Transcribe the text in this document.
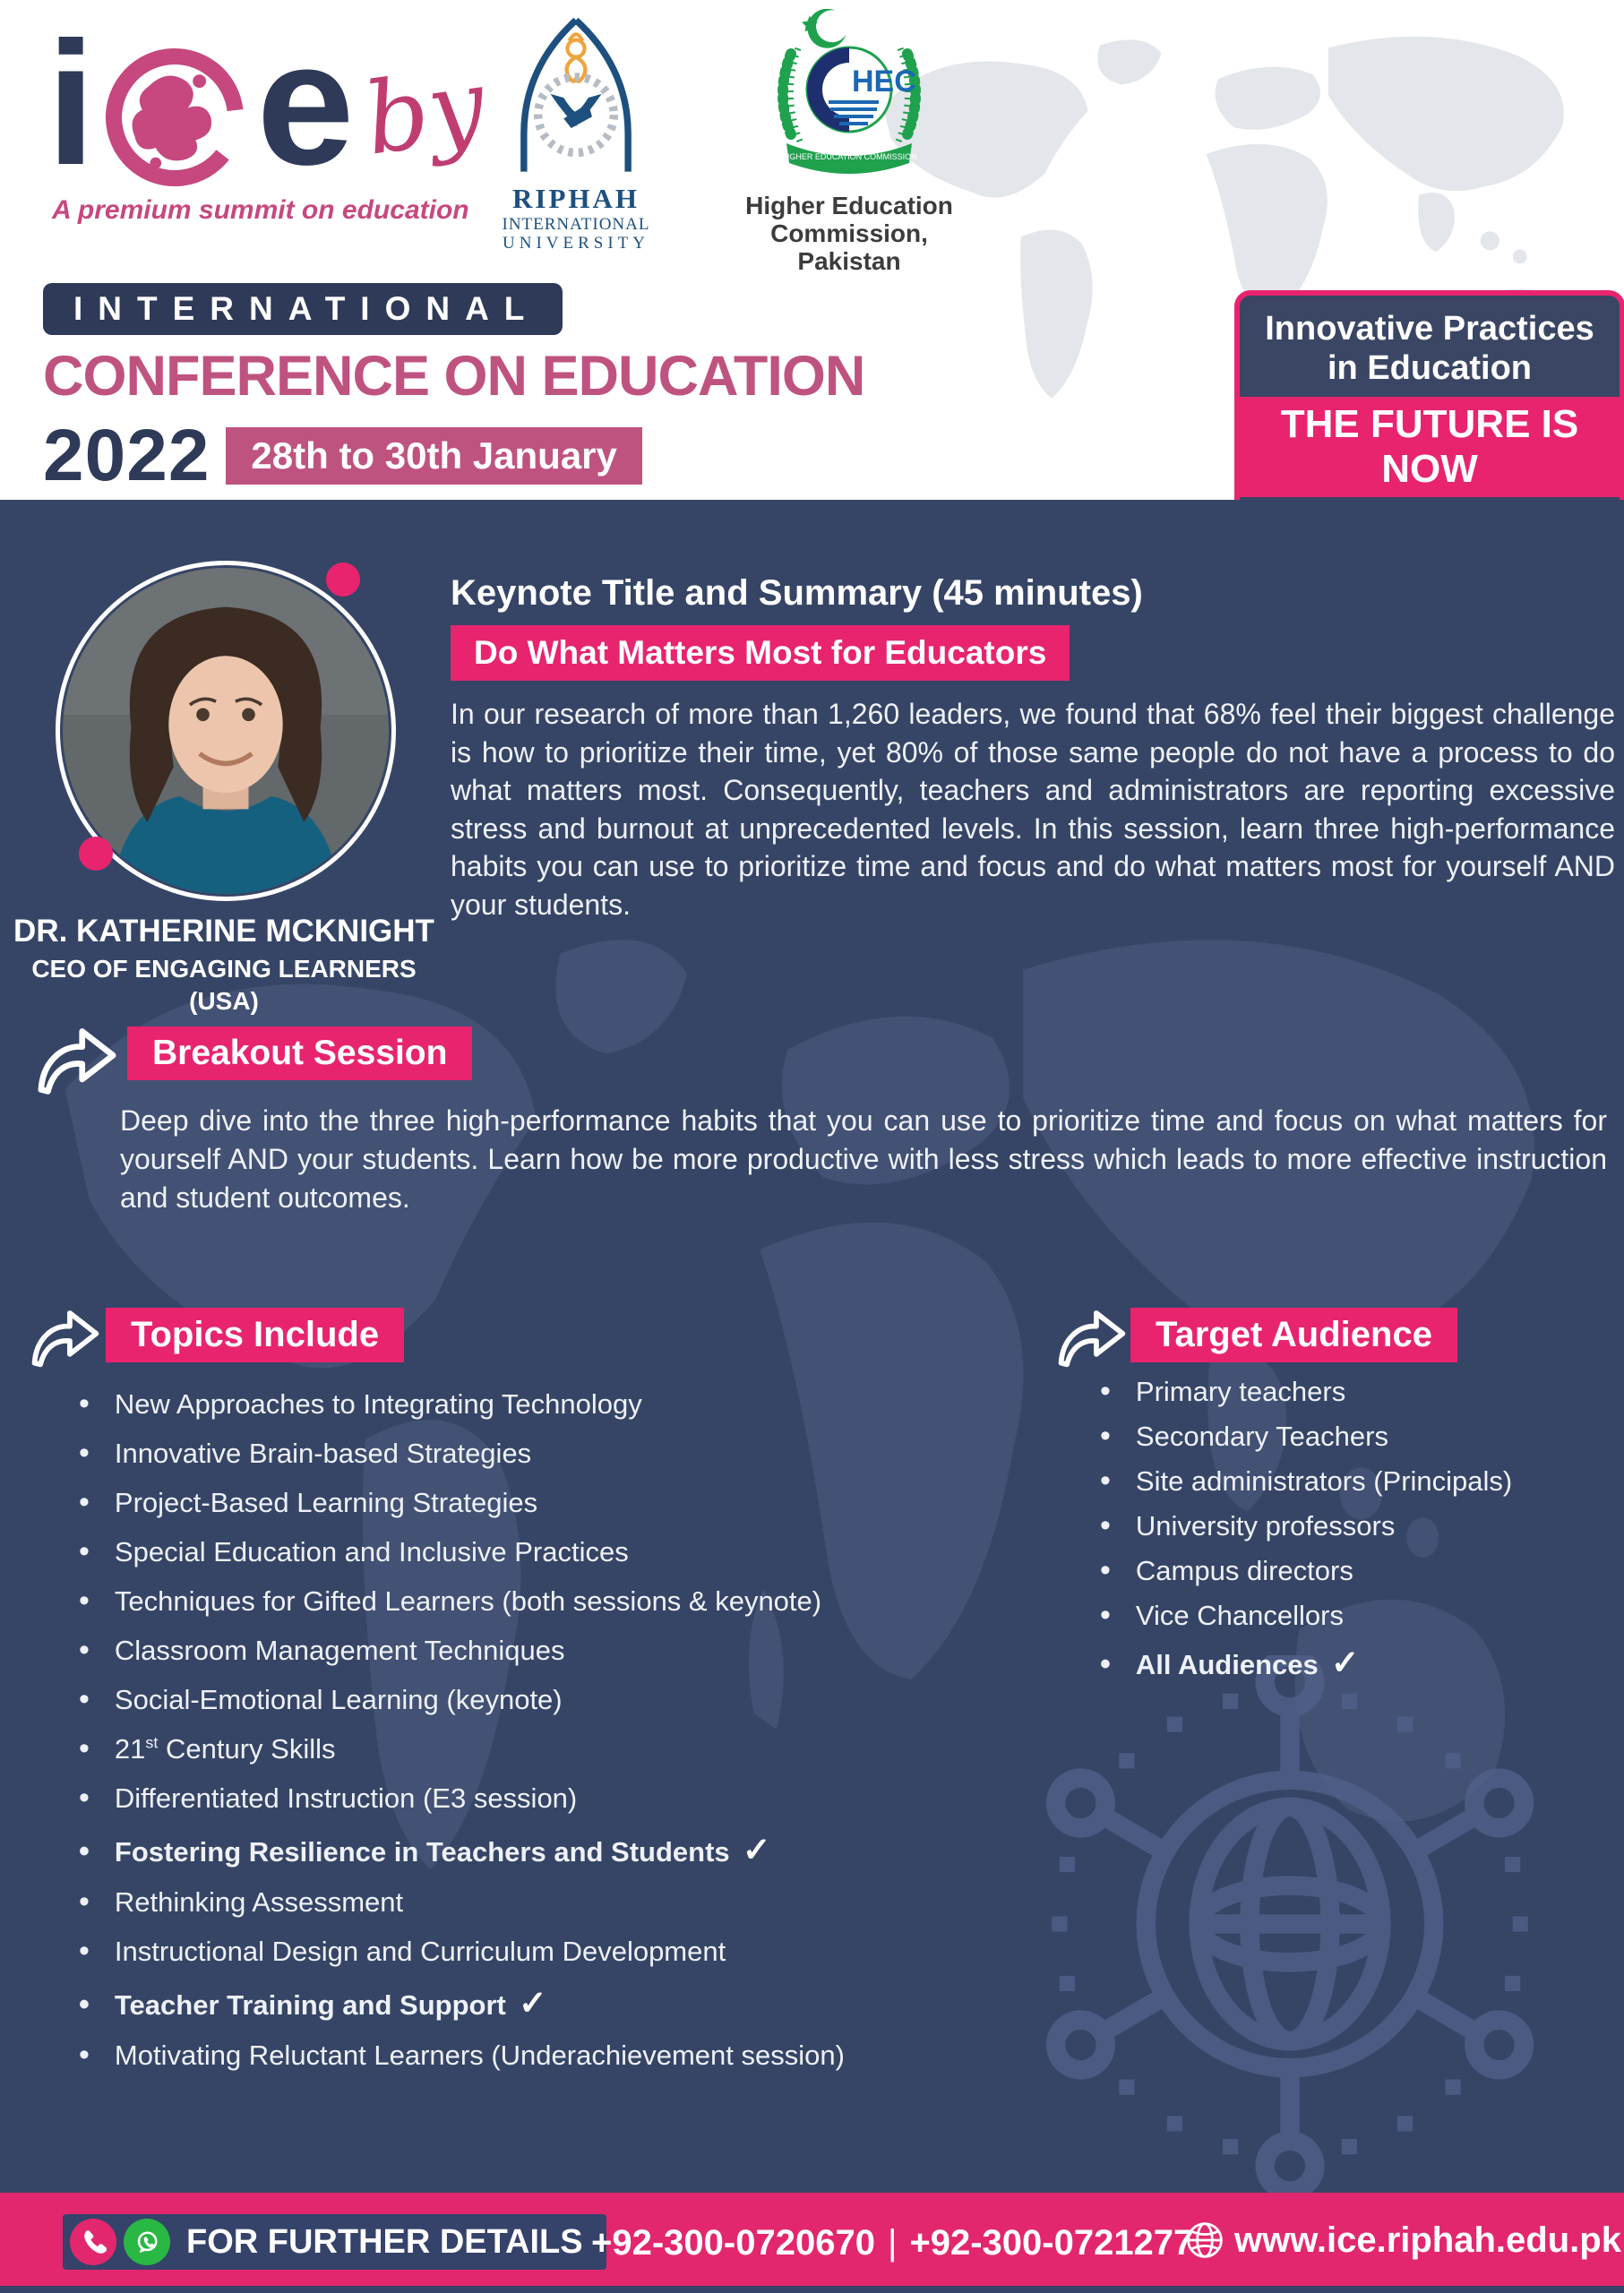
i e
A premium summit on education
by
RIPHAH
INTERNATIONAL
UNIVERSITY
HEC
HIGHER EDUCATION COMMISSION
Higher Education
Commission, Pakistan
INTERNATIONAL
CONFERENCE ON EDUCATION
2022	28th to 30th January
Innovative Practices
in Education
THE FUTURE IS NOW
DR. KATHERINE MCKNIGHT
CEO OF ENGAGING LEARNERS
(USA)
Keynote Title and Summary (45 minutes)
Do What Matters Most for Educators
In our research of more than 1,260 leaders, we found that 68% feel their biggest challenge is how to prioritize their time, yet 80% of those same people do not have a process to do what matters most. Consequently, teachers and administrators are reporting excessive stress and burnout at unprecedented levels. In this session, learn three high-performance habits you can use to prioritize time and focus and do what matters most for yourself AND your students.
Breakout Session
Deep dive into the three high-performance habits that you can use to prioritize time and focus on what matters for yourself AND your students. Learn how be more productive with less stress which leads to more effective instruction and student outcomes.
Topics Include
• New Approaches to Integrating Technology
• Innovative Brain-based Strategies
• Project-Based Learning Strategies
• Special Education and Inclusive Practices
• Techniques for Gifted Learners (both sessions & keynote)
• Classroom Management Techniques
• Social-Emotional Learning (keynote)
• 21st Century Skills
• Differentiated Instruction (E3 session)
• Fostering Resilience in Teachers and Students ✓
• Rethinking Assessment
• Instructional Design and Curriculum Development
• Teacher Training and Support ✓
• Motivating Reluctant Learners (Underachievement session)
Target Audience
• Primary teachers
• Secondary Teachers
• Site administrators (Principals)
• University professors
• Campus directors
• Vice Chancellors
• All Audiences ✓
FOR FURTHER DETAILS +92-300-0720670 | +92-300-0721277 www.ice.riphah.edu.pk
